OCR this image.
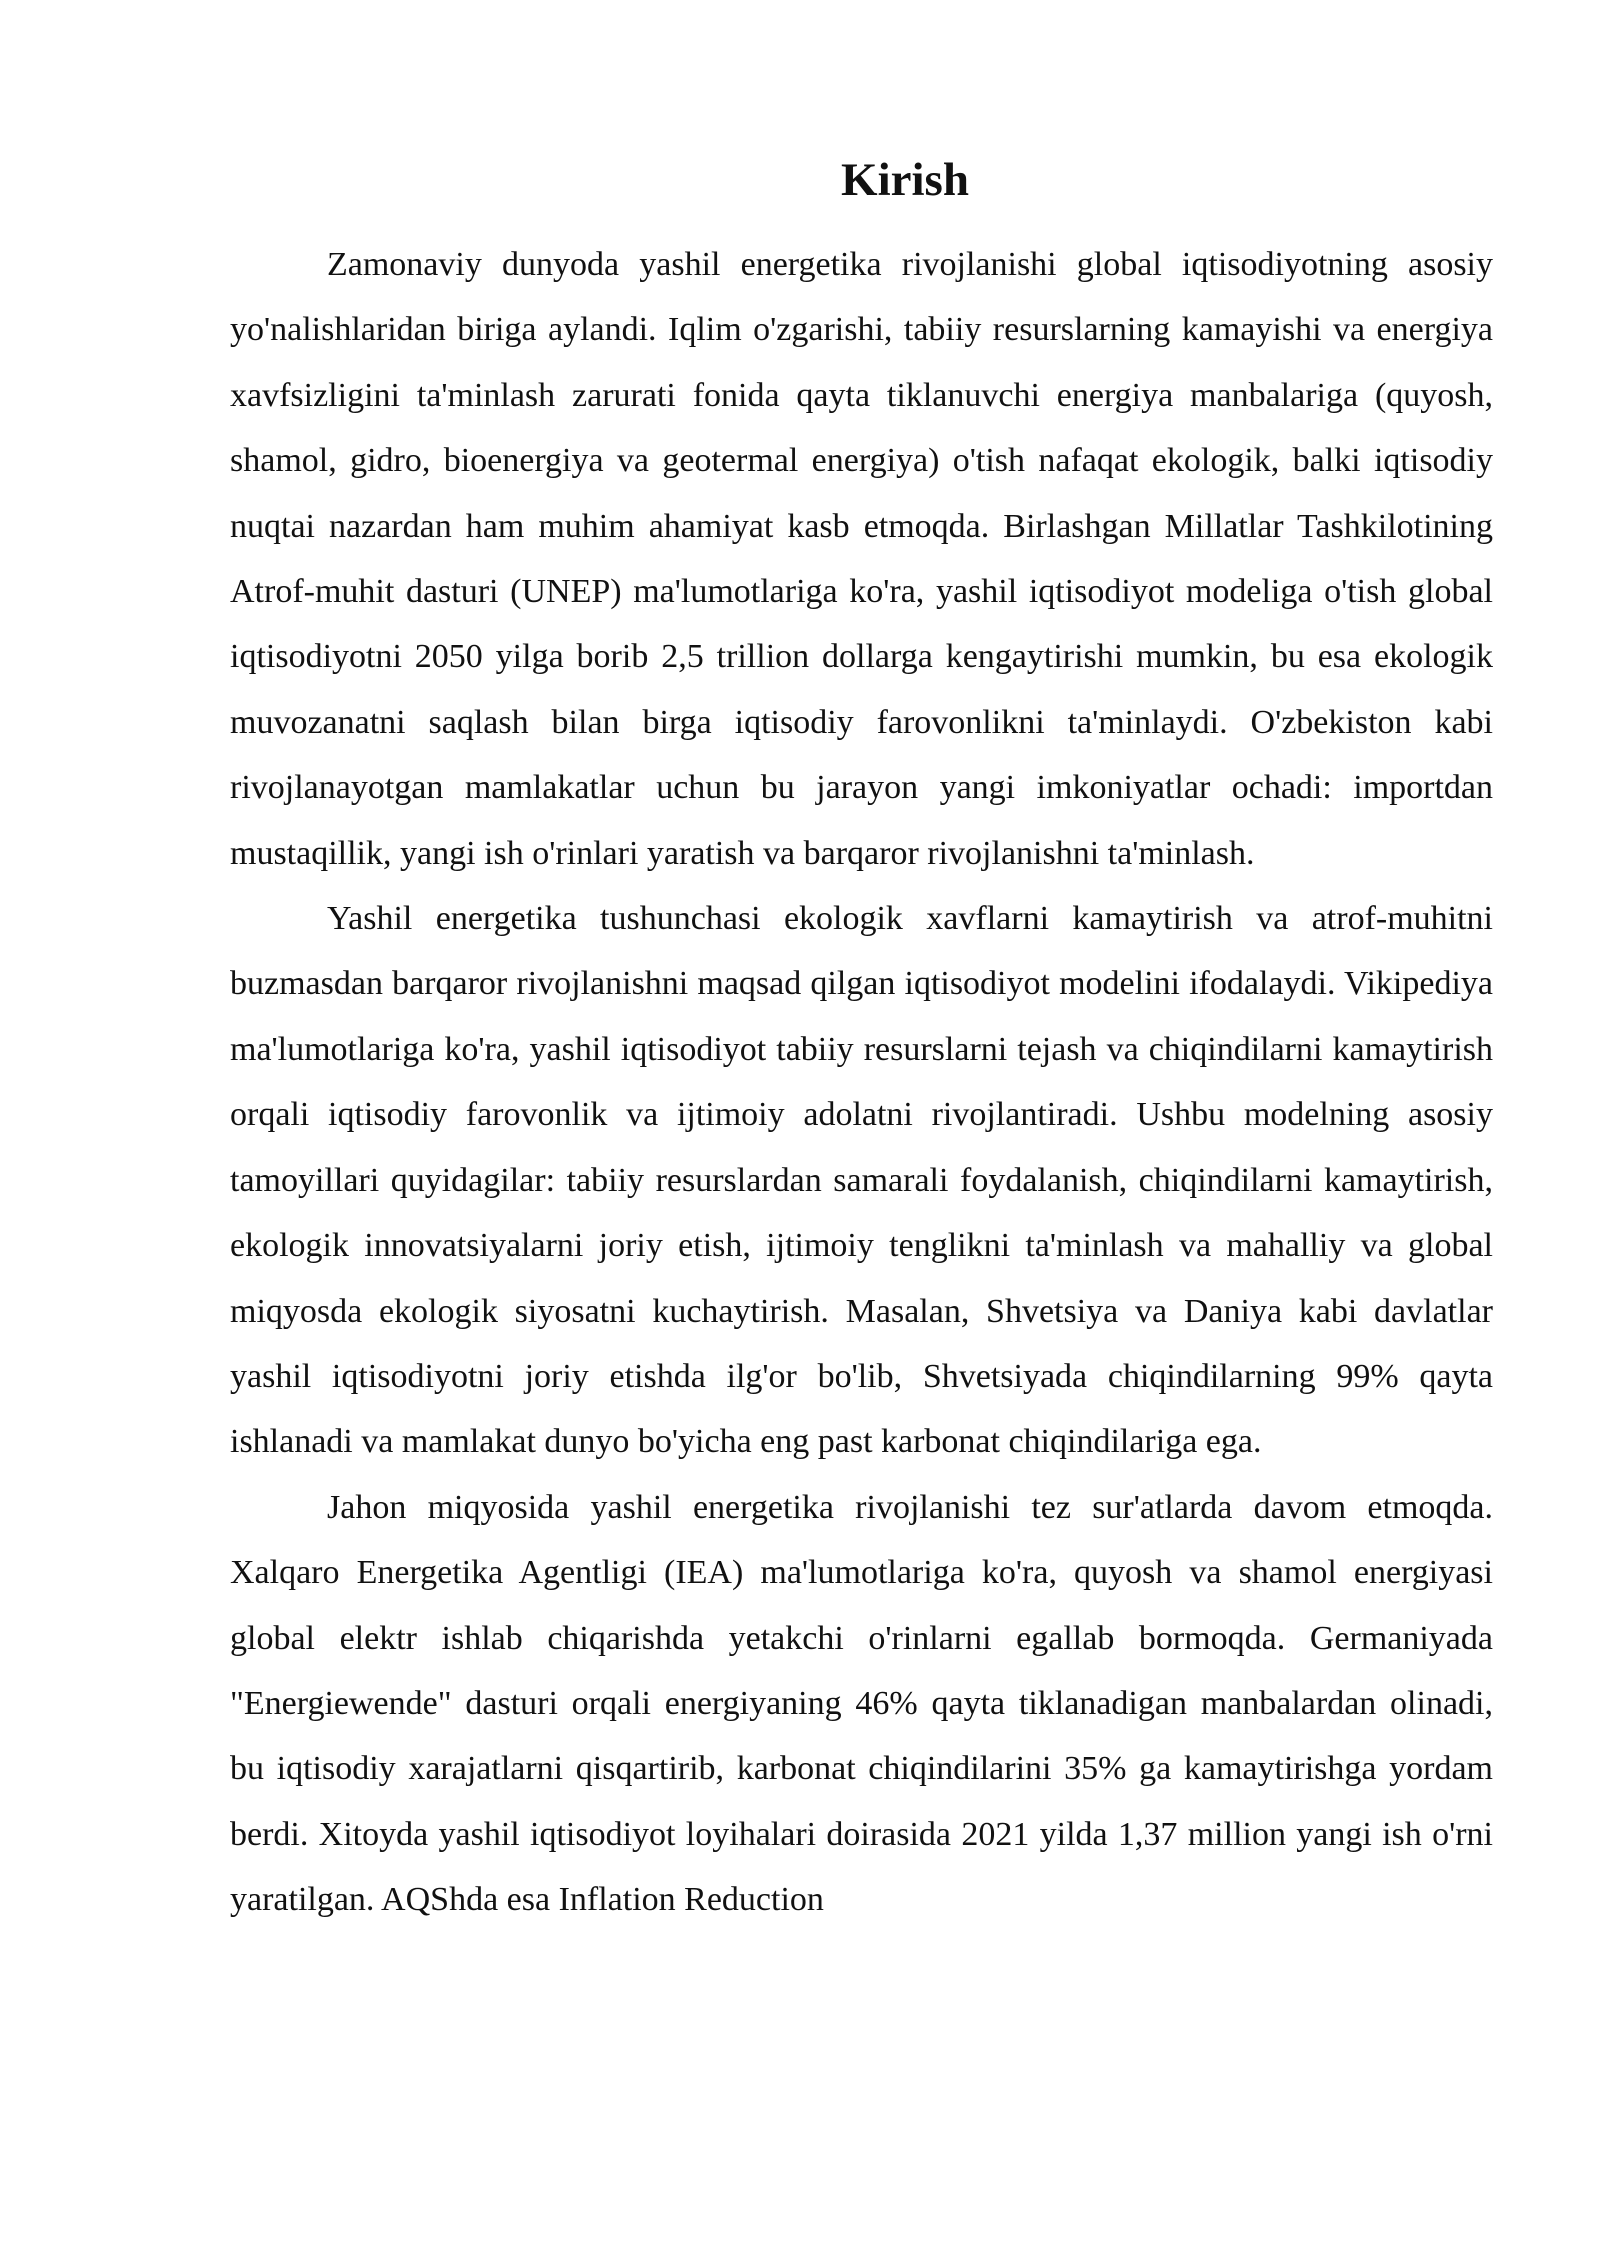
Kirish

Zamonaviy dunyoda yashil energetika rivojlanishi global iqtisodiyotning asosiy yo'nalishlaridan biriga aylandi. Iqlim o'zgarishi, tabiiy resurslarning kamayishi va energiya xavfsizligini ta'minlash zarurati fonida qayta tiklanuvchi energiya manbalariga (quyosh, shamol, gidro, bioenergiya va geotermal energiya) o'tish nafaqat ekologik, balki iqtisodiy nuqtai nazardan ham muhim ahamiyat kasb etmoqda. Birlashgan Millatlar Tashkilotining Atrof-muhit dasturi (UNEP) ma'lumotlariga ko'ra, yashil iqtisodiyot modeliga o'tish global iqtisodiyotni 2050 yilga borib 2,5 trillion dollarga kengaytirishi mumkin, bu esa ekologik muvozanatni saqlash bilan birga iqtisodiy farovonlikni ta'minlaydi. O'zbekiston kabi rivojlanayotgan mamlakatlar uchun bu jarayon yangi imkoniyatlar ochadi: importdan mustaqillik, yangi ish o'rinlari yaratish va barqaror rivojlanishni ta'minlash.

Yashil energetika tushunchasi ekologik xavflarni kamaytirish va atrof-muhitni buzmasdan barqaror rivojlanishni maqsad qilgan iqtisodiyot modelini ifodalaydi. Vikipediya ma'lumotlariga ko'ra, yashil iqtisodiyot tabiiy resurslarni tejash va chiqindilarni kamaytirish orqali iqtisodiy farovonlik va ijtimoiy adolatni rivojlantiradi. Ushbu modelning asosiy tamoyillari quyidagilar: tabiiy resurslardan samarali foydalanish, chiqindilarni kamaytirish, ekologik innovatsiyalarni joriy etish, ijtimoiy tenglikni ta'minlash va mahalliy va global miqyosda ekologik siyosatni kuchaytirish. Masalan, Shvetsiya va Daniya kabi davlatlar yashil iqtisodiyotni joriy etishda ilg'or bo'lib, Shvetsiyada chiqindilarning 99% qayta ishlanadi va mamlakat dunyo bo'yicha eng past karbonat chiqindilariga ega.

Jahon miqyosida yashil energetika rivojlanishi tez sur'atlarda davom etmoqda. Xalqaro Energetika Agentligi (IEA) ma'lumotlariga ko'ra, quyosh va shamol energiyasi global elektr ishlab chiqarishda yetakchi o'rinlarni egallab bormoqda. Germaniyada "Energiewende" dasturi orqali energiyaning 46% qayta tiklanadigan manbalardan olinadi, bu iqtisodiy xarajatlarni qisqartirib, karbonat chiqindilarini 35% ga kamaytirishga yordam berdi. Xitoyda yashil iqtisodiyot loyihalari doirasida 2021 yilda 1,37 million yangi ish o'rni yaratilgan. AQShda esa Inflation Reduction
